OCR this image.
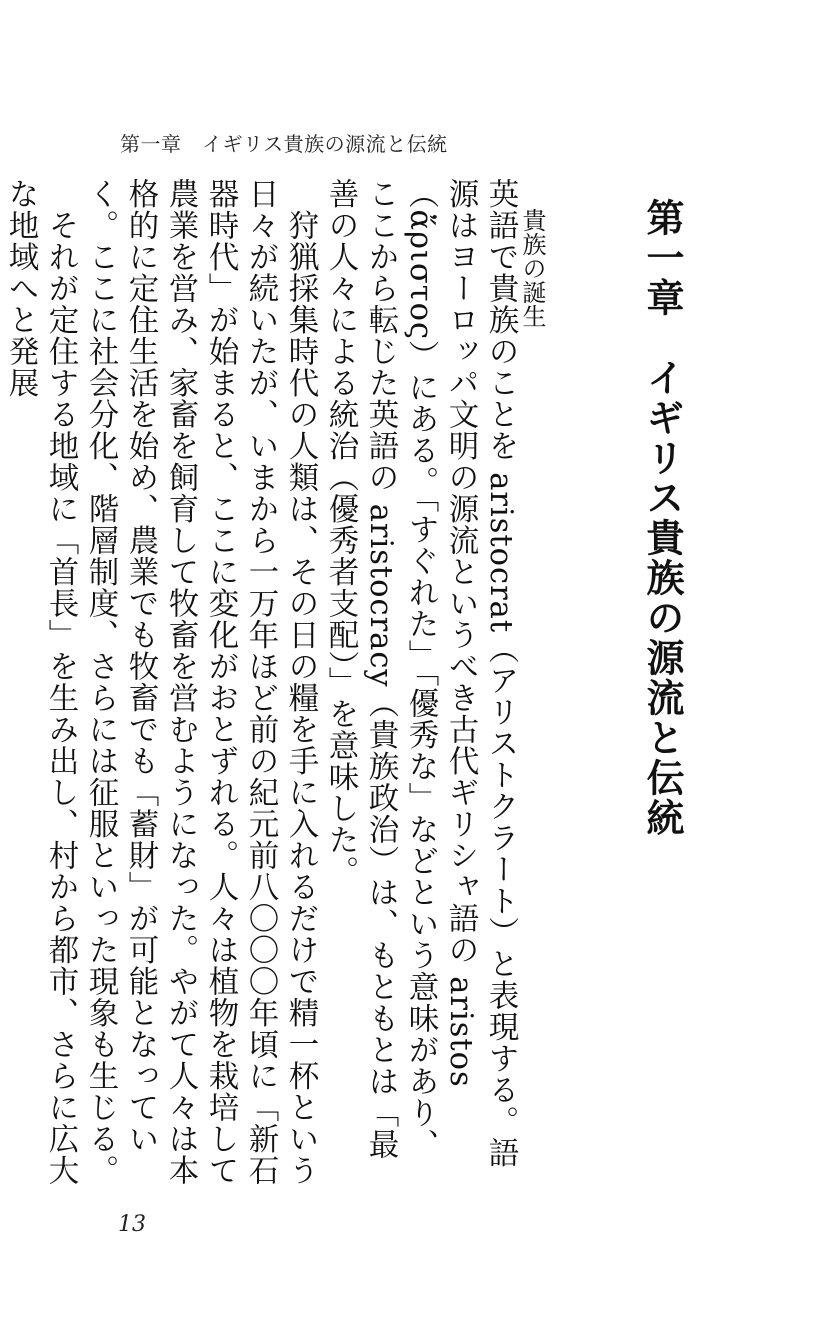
第一章　イギリス貴族の源流と伝統
第一章　イギリス貴族の源流と伝統
貴族の誕生

英語で貴族のことを aristocrat（アリストクラート）と表現する。語源はヨーロッパ文明の源流というべき古代ギリシャ語の aristos（ἄριστος）にある。「すぐれた」「優秀な」などという意味があり、ここから転じた英語の aristocracy（貴族政治）は、もともとは「最善の人々による統治（優秀者支配）」を意味した。

　狩猟採集時代の人類は、その日の糧を手に入れるだけで精一杯という日々が続いたが、いまから一万年ほど前の紀元前八〇〇〇年頃に「新石器時代」が始まると、ここに変化がおとずれる。人々は植物を栽培して農業を営み、家畜を飼育して牧畜を営むようになった。やがて人々は本格的に定住生活を始め、農業でも牧畜でも「蓄財」が可能となっていく。ここに社会分化、階層制度、さらには征服といった現象も生じる。

　それが定住する地域に「首長」を生み出し、村から都市、さらに広大な地域へと発展

13
